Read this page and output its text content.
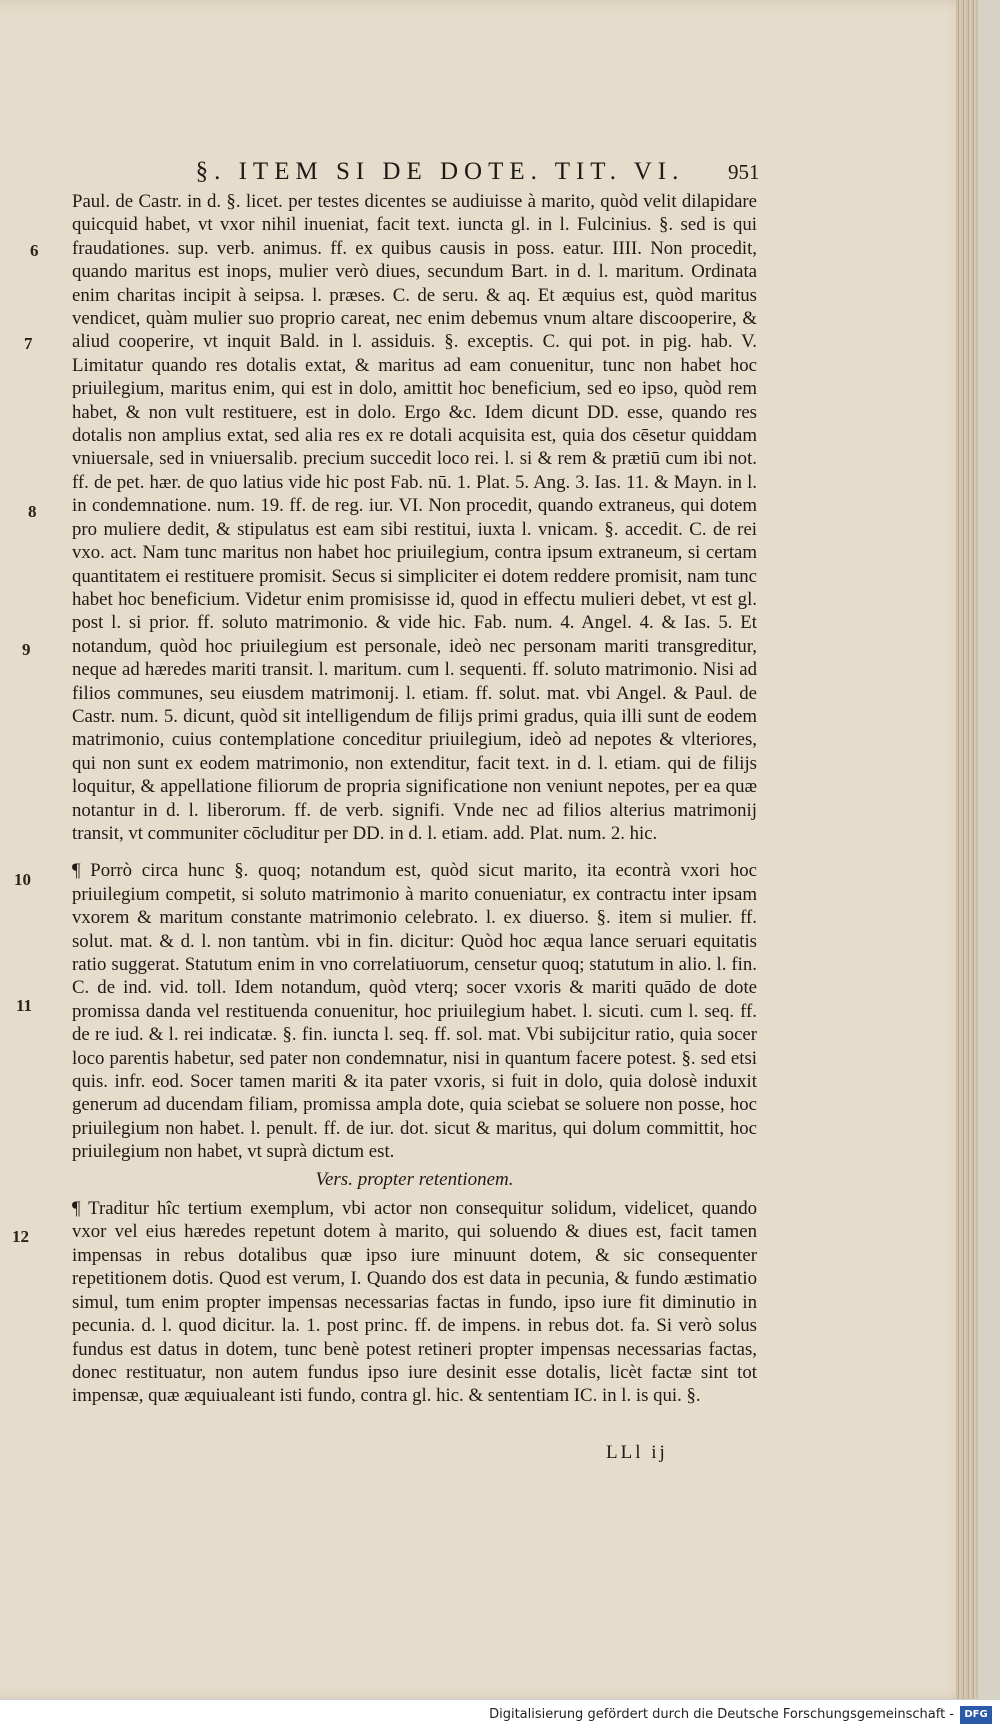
§. ITEM SI DE DOTE. TIT. VI.	951
6
7
8
9
10
11
12

Paul. de Castr. in d. §. licet. per testes dicentes se audiuisse à marito, quòd velit dilapidare quicquid habet, vt vxor nihil inueniat, facit text. iuncta gl. in l. Fulcinius. §. sed is qui fraudationes. sup. verb. animus. ff. ex quibus causis in poss. eatur. IIII. Non procedit, quando maritus est inops, mulier verò diues, secundum Bart. in d. l. maritum. Ordinata enim charitas incipit à seipsa. l. præses. C. de seru. & aq. Et æquius est, quòd maritus vendicet, quàm mulier suo proprio careat, nec enim debemus vnum altare discooperire, & aliud cooperire, vt inquit Bald. in l. assiduis. §. exceptis. C. qui pot. in pig. hab. V. Limitatur quando res dotalis extat, & maritus ad eam conuenitur, tunc non habet hoc priuilegium, maritus enim, qui est in dolo, amittit hoc beneficium, sed eo ipso, quòd rem habet, & non vult restituere, est in dolo. Ergo &c. Idem dicunt DD. esse, quando res dotalis non amplius extat, sed alia res ex re dotali acquisita est, quia dos cēsetur quiddam vniuersale, sed in vniuersalib. precium succedit loco rei. l. si & rem & prætiū cum ibi not. ff. de pet. hær. de quo latius vide hic post Fab. nū. 1. Plat. 5. Ang. 3. Ias. 11. & Mayn. in l. in condemnatione. num. 19. ff. de reg. iur. VI. Non procedit, quando extraneus, qui dotem pro muliere dedit, & stipulatus est eam sibi restitui, iuxta l. vnicam. §. accedit. C. de rei vxo. act. Nam tunc maritus non habet hoc priuilegium, contra ipsum extraneum, si certam quantitatem ei restituere promisit. Secus si simpliciter ei dotem reddere promisit, nam tunc habet hoc beneficium. Videtur enim promisisse id, quod in effectu mulieri debet, vt est gl. post l. si prior. ff. soluto matrimonio. & vide hic. Fab. num. 4. Angel. 4. & Ias. 5. Et notandum, quòd hoc priuilegium est personale, ideò nec personam mariti transgreditur, neque ad hæredes mariti transit. l. maritum. cum l. sequenti. ff. soluto matrimonio. Nisi ad filios communes, seu eiusdem matrimonij. l. etiam. ff. solut. mat. vbi Angel. & Paul. de Castr. num. 5. dicunt, quòd sit intelligendum de filijs primi gradus, quia illi sunt de eodem matrimonio, cuius contemplatione conceditur priuilegium, ideò ad nepotes & vlteriores, qui non sunt ex eodem matrimonio, non extenditur, facit text. in d. l. etiam. qui de filijs loquitur, & appellatione filiorum de propria significatione non veniunt nepotes, per ea quæ notantur in d. l. liberorum. ff. de verb. signifi. Vnde nec ad filios alterius matrimonij transit, vt communiter cōcluditur per DD. in d. l. etiam. add. Plat. num. 2. hic.

¶ Porrò circa hunc §. quoq; notandum est, quòd sicut marito, ita econtrà vxori hoc priuilegium competit, si soluto matrimonio à marito conueniatur, ex contractu inter ipsam vxorem & maritum constante matrimonio celebrato. l. ex diuerso. §. item si mulier. ff. solut. mat. & d. l. non tantùm. vbi in fin. dicitur: Quòd hoc æqua lance seruari equitatis ratio suggerat. Statutum enim in vno correlatiuorum, censetur quoq; statutum in alio. l. fin. C. de ind. vid. toll. Idem notandum, quòd vterq; socer vxoris & mariti quādo de dote promissa danda vel restituenda conuenitur, hoc priuilegium habet. l. sicuti. cum l. seq. ff. de re iud. & l. rei indicatæ. §. fin. iuncta l. seq. ff. sol. mat. Vbi subijcitur ratio, quia socer loco parentis habetur, sed pater non condemnatur, nisi in quantum facere potest. §. sed etsi quis. infr. eod. Socer tamen mariti & ita pater vxoris, si fuit in dolo, quia dolosè induxit generum ad ducendam filiam, promissa ampla dote, quia sciebat se soluere non posse, hoc priuilegium non habet. l. penult. ff. de iur. dot. sicut & maritus, qui dolum committit, hoc priuilegium non habet, vt suprà dictum est.

Vers. propter retentionem.

¶ Traditur hîc tertium exemplum, vbi actor non consequitur solidum, videlicet, quando vxor vel eius hæredes repetunt dotem à marito, qui soluendo & diues est, facit tamen impensas in rebus dotalibus quæ ipso iure minuunt dotem, & sic consequenter repetitionem dotis. Quod est verum, I. Quando dos est data in pecunia, & fundo æstimatio simul, tum enim propter impensas necessarias factas in fundo, ipso iure fit diminutio in pecunia. d. l. quod dicitur. la. 1. post princ. ff. de impens. in rebus dot. fa. Si verò solus fundus est datus in dotem, tunc benè potest retineri propter impensas necessarias factas, donec restituatur, non autem fundus ipso iure desinit esse dotalis, licèt factæ sint tot impensæ, quæ æquiualeant isti fundo, contra gl. hic. & sententiam IC. in l. is qui. §.

LLl ij
Digitalisierung gefördert durch die Deutsche Forschungsgemeinschaft -	DFG
